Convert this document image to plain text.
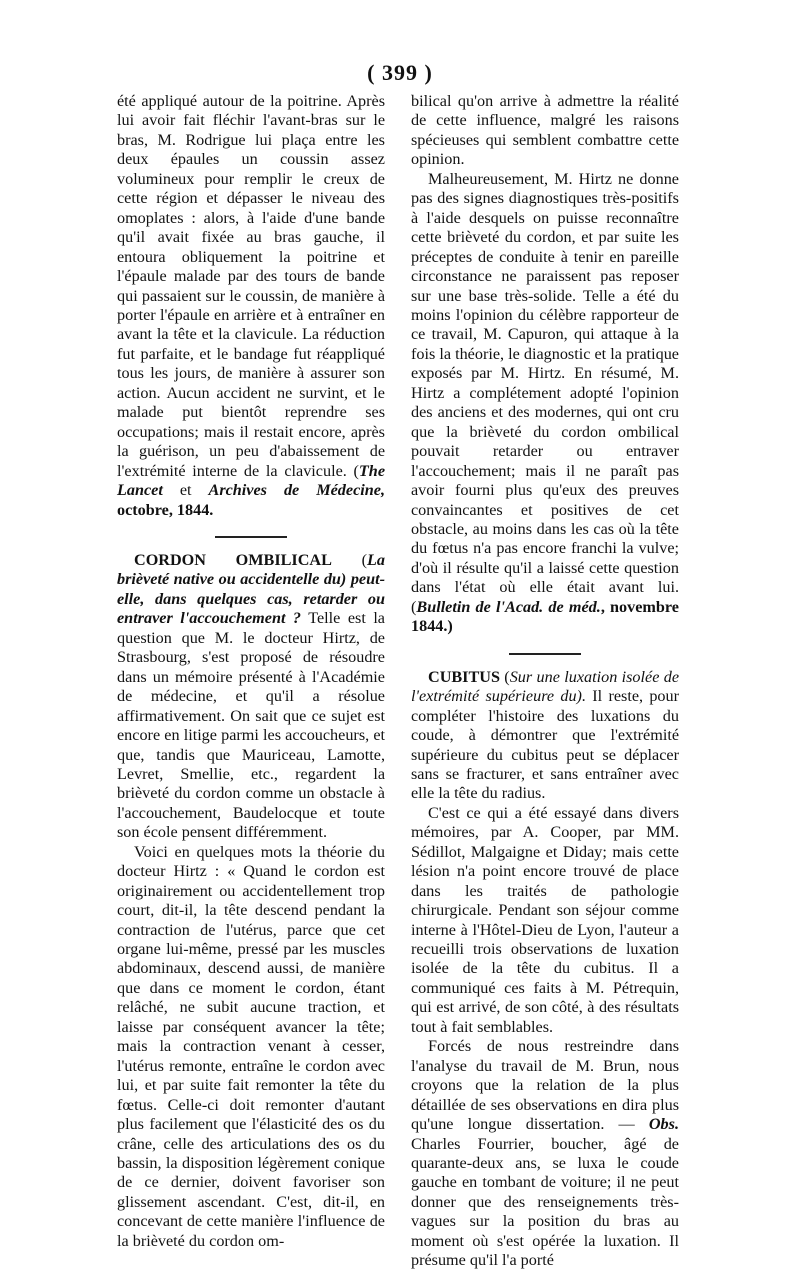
( 399 )

été appliqué autour de la poitrine. Après lui avoir fait fléchir l'avant-bras sur le bras, M. Rodrigue lui plaça entre les deux épaules un coussin assez volumineux pour remplir le creux de cette région et dépasser le niveau des omoplates : alors, à l'aide d'une bande qu'il avait fixée au bras gauche, il entoura obliquement la poitrine et l'épaule malade par des tours de bande qui passaient sur le coussin, de manière à porter l'épaule en arrière et à entraîner en avant la tête et la clavicule. La réduction fut parfaite, et le bandage fut réappliqué tous les jours, de manière à assurer son action. Aucun accident ne survint, et le malade put bientôt reprendre ses occupations; mais il restait encore, après la guérison, un peu d'abaissement de l'extrémité interne de la clavicule. (The Lancet et Archives de Médecine, octobre, 1844.

CORDON OMBILICAL (La brièveté native ou accidentelle du) peut-elle, dans quelques cas, retarder ou entraver l'accouchement ? Telle est la question que M. le docteur Hirtz, de Strasbourg, s'est proposé de résoudre dans un mémoire présenté à l'Académie de médecine, et qu'il a résolue affirmativement. On sait que ce sujet est encore en litige parmi les accoucheurs, et que, tandis que Mauriceau, Lamotte, Levret, Smellie, etc., regardent la brièveté du cordon comme un obstacle à l'accouchement, Baudelocque et toute son école pensent différemment.

Voici en quelques mots la théorie du docteur Hirtz : « Quand le cordon est originairement ou accidentellement trop court, dit-il, la tête descend pendant la contraction de l'utérus, parce que cet organe lui-même, pressé par les muscles abdominaux, descend aussi, de manière que dans ce moment le cordon, étant relâché, ne subit aucune traction, et laisse par conséquent avancer la tête; mais la contraction venant à cesser, l'utérus remonte, entraîne le cordon avec lui, et par suite fait remonter la tête du fœtus. Celle-ci doit remonter d'autant plus facilement que l'élasticité des os du crâne, celle des articulations des os du bassin, la disposition légèrement conique de ce dernier, doivent favoriser son glissement ascendant. C'est, dit-il, en concevant de cette manière l'influence de la brièveté du cordon om-

bilical qu'on arrive à admettre la réalité de cette influence, malgré les raisons spécieuses qui semblent combattre cette opinion.

Malheureusement, M. Hirtz ne donne pas des signes diagnostiques très-positifs à l'aide desquels on puisse reconnaître cette brièveté du cordon, et par suite les préceptes de conduite à tenir en pareille circonstance ne paraissent pas reposer sur une base très-solide. Telle a été du moins l'opinion du célèbre rapporteur de ce travail, M. Capuron, qui attaque à la fois la théorie, le diagnostic et la pratique exposés par M. Hirtz. En résumé, M. Hirtz a complétement adopté l'opinion des anciens et des modernes, qui ont cru que la brièveté du cordon ombilical pouvait retarder ou entraver l'accouchement; mais il ne paraît pas avoir fourni plus qu'eux des preuves convaincantes et positives de cet obstacle, au moins dans les cas où la tête du fœtus n'a pas encore franchi la vulve; d'où il résulte qu'il a laissé cette question dans l'état où elle était avant lui. (Bulletin de l'Acad. de méd., novembre 1844.)

CUBITUS (Sur une luxation isolée de l'extrémité supérieure du). Il reste, pour compléter l'histoire des luxations du coude, à démontrer que l'extrémité supérieure du cubitus peut se déplacer sans se fracturer, et sans entraîner avec elle la tête du radius.

C'est ce qui a été essayé dans divers mémoires, par A. Cooper, par MM. Sédillot, Malgaigne et Diday; mais cette lésion n'a point encore trouvé de place dans les traités de pathologie chirurgicale. Pendant son séjour comme interne à l'Hôtel-Dieu de Lyon, l'auteur a recueilli trois observations de luxation isolée de la tête du cubitus. Il a communiqué ces faits à M. Pétrequin, qui est arrivé, de son côté, à des résultats tout à fait semblables.

Forcés de nous restreindre dans l'analyse du travail de M. Brun, nous croyons que la relation de la plus détaillée de ses observations en dira plus qu'une longue dissertation. — Obs. Charles Fourrier, boucher, âgé de quarante-deux ans, se luxa le coude gauche en tombant de voiture; il ne peut donner que des renseignements très-vagues sur la position du bras au moment où s'est opérée la luxation. Il présume qu'il l'a porté
